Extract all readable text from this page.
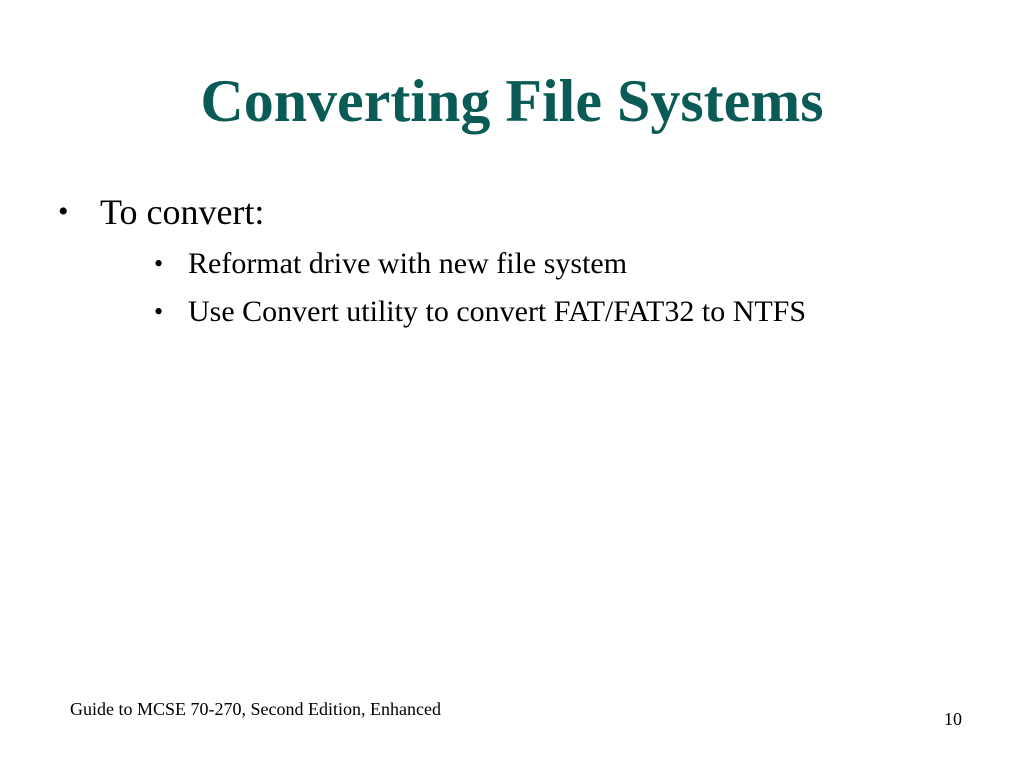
Converting File Systems
• To convert:
• Reformat drive with new file system
• Use Convert utility to convert FAT/FAT32 to NTFS
Guide to MCSE 70-270, Second Edition, Enhanced	10
